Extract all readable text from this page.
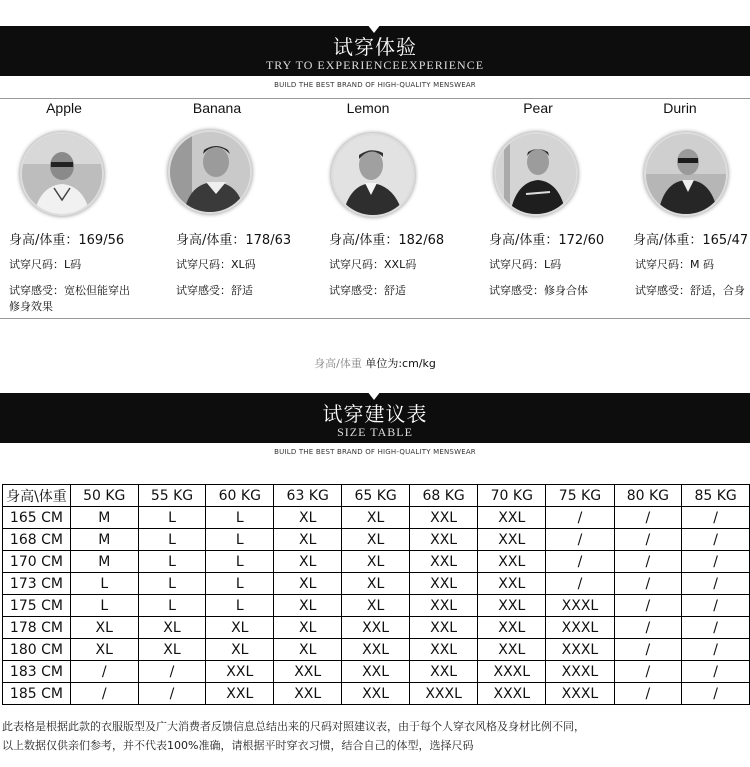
试穿体验
TRY TO EXPERIENCEEXPERIENCE
BUILD THE BEST BRAND OF HIGH-QUALITY MENSWEAR
Apple	Banana	Lemon	Pear	Durin
身高/体重：169/56	身高/体重：178/63	身高/体重：182/68	身高/体重：172/60 身高/体重：165/47
试穿尺码：L码	试穿尺码：XL码	试穿尺码：XXL码	试穿尺码：L码	试穿尺码：M 码
试穿感受：宽松但能穿出
修身效果
试穿感受：舒适	试穿感受：舒适	试穿感受：修身合体	试穿感受：舒适，合身
身高/体重 单位为:cm/kg
试穿建议表
SIZE TABLE
BUILD THE BEST BRAND OF HIGH-QUALITY MENSWEAR
身高\体重	50 KG	55 KG	60 KG	63 KG	65 KG	68 KG	70 KG	75 KG	80 KG	85 KG
165 CM	M	L	L	XL	XL	XXL	XXL	/	/	/
168 CM	M	L	L	XL	XL	XXL	XXL	/	/	/
170 CM	M	L	L	XL	XL	XXL	XXL	/	/	/
173 CM	L	L	L	XL	XL	XXL	XXL	/	/	/
175 CM	L	L	L	XL	XL	XXL	XXL	XXXL	/	/
178 CM	XL	XL	XL	XL	XXL	XXL	XXL	XXXL	/	/
180 CM	XL	XL	XL	XL	XXL	XXL	XXL	XXXL	/	/
183 CM	/	/	XXL	XXL	XXL	XXL	XXXL	XXXL	/	/
185 CM	/	/	XXL	XXL	XXL	XXXL	XXXL	XXXL	/	/
此表格是根据此款的衣服版型及广大消费者反馈信息总结出来的尺码对照建议表，由于每个人穿衣风格及身材比例不同，
以上数据仅供亲们参考，并不代表100%准确，请根据平时穿衣习惯，结合自己的体型，选择尺码
